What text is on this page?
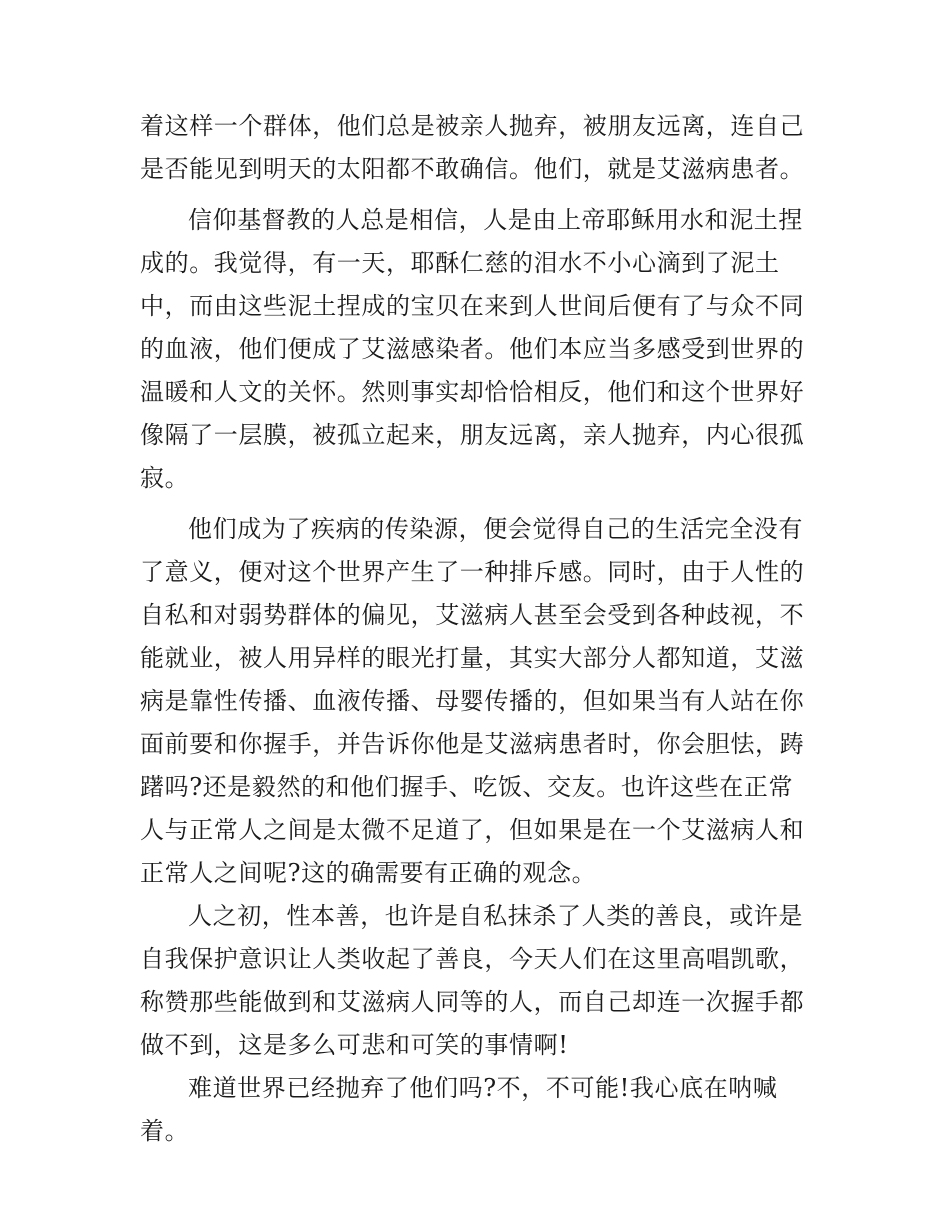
着这样一个群体，他们总是被亲人抛弃，被朋友远离，连自己
是否能见到明天的太阳都不敢确信。他们，就是艾滋病患者。

信仰基督教的人总是相信，人是由上帝耶稣用水和泥土捏
成的。我觉得，有一天，耶酥仁慈的泪水不小心滴到了泥土
中，而由这些泥土捏成的宝贝在来到人世间后便有了与众不同
的血液，他们便成了艾滋感染者。他们本应当多感受到世界的
温暖和人文的关怀。然则事实却恰恰相反，他们和这个世界好
像隔了一层膜，被孤立起来，朋友远离，亲人抛弃，内心很孤
寂。

他们成为了疾病的传染源，便会觉得自己的生活完全没有
了意义，便对这个世界产生了一种排斥感。同时，由于人性的
自私和对弱势群体的偏见，艾滋病人甚至会受到各种歧视，不
能就业，被人用异样的眼光打量，其实大部分人都知道，艾滋
病是靠性传播、血液传播、母婴传播的，但如果当有人站在你
面前要和你握手，并告诉你他是艾滋病患者时，你会胆怯，踌
躇吗?还是毅然的和他们握手、吃饭、交友。也许这些在正常
人与正常人之间是太微不足道了，但如果是在一个艾滋病人和
正常人之间呢?这的确需要有正确的观念。

人之初，性本善，也许是自私抹杀了人类的善良，或许是
自我保护意识让人类收起了善良，今天人们在这里高唱凯歌，
称赞那些能做到和艾滋病人同等的人，而自己却连一次握手都
做不到，这是多么可悲和可笑的事情啊!

难道世界已经抛弃了他们吗?不，不可能!我心底在呐喊
着。
